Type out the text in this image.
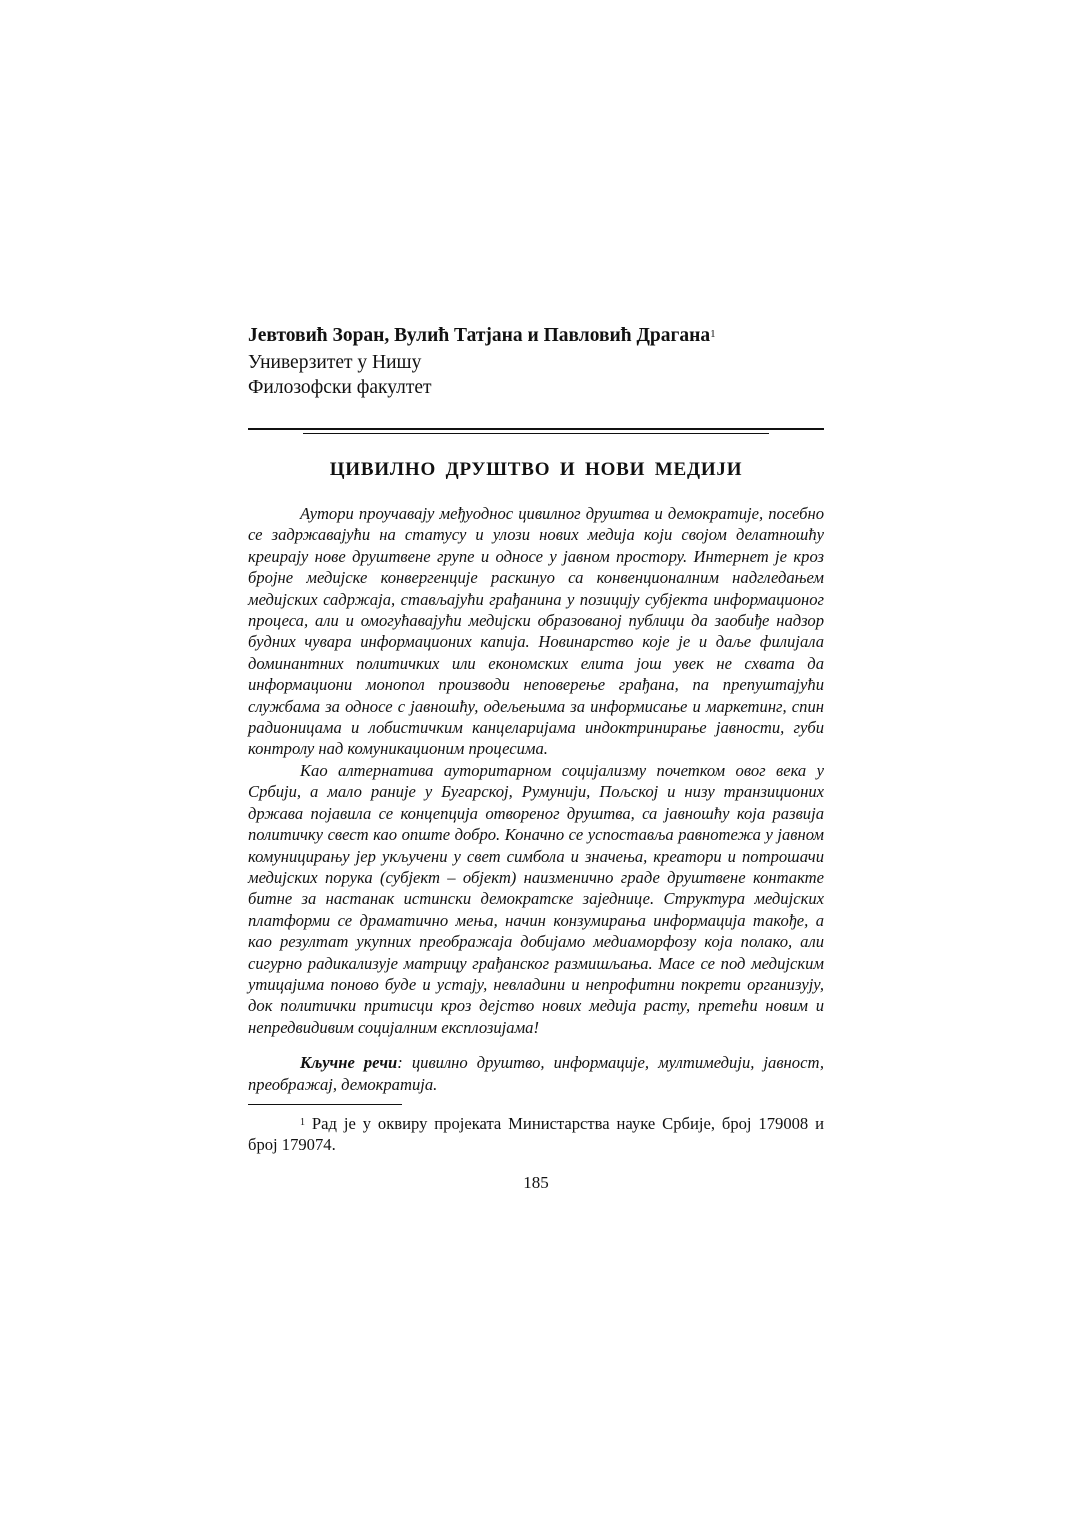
Јевтовић Зоран, Вулић Татјана и Павловић Драгана$^1$
Универзитет у Нишу
Филозофски факултет
ЦИВИЛНО ДРУШТВО И НОВИ МЕДИЈИ

Аутори проучавају међуоднос цивилног друштва и демократије, посебно се задржавајући на статусу и улози нових медија који својом делатношћу креирају нове друштвене групе и односе у јавном простору. Интернет је кроз бројне медијске конвергенције раскинуо са конвенционалним надгледањем медијских садржаја, стављајући грађанина у позицију субјекта информационог процеса, али и омогућавајући медијски образованој публици да заобиђе надзор будних чувара информационих капија. Новинарство које је и даље филијала доминантних политичких или економских елита још увек не схвата да информациони монопол производи неповерење грађана, па препуштајући службама за односе с јавношћу, одељењима за информисање и маркетинг, спин радионицама и лобистичким канцеларијама индоктринирање јавности, губи контролу над комуникационим процесима.

Као алтернатива ауторитарном социјализму почетком овог века у Србији, а мало раније у Бугарској, Румунији, Пољској и низу транзиционих држава појавила се концепција отвореног друштва, са јавношћу која развија политичку свест као опште добро. Коначно се успоставља равнотежа у јавном комуницирању јер укључени у свет симбола и значења, креатори и потрошачи медијских порука (субјект – објект) наизменично граде друштвене контакте битне за настанак истински демократске заједнице. Структура медијских платформи се драматично мења, начин конзумирања информација такође, а као резултат укупних преображаја добијамо медиаморфозу која полако, али сигурно радикализује матрицу грађанског размишљања. Масе се под медијским утицајима поново буде и устају, невладини и непрофитни покрети организују, док политички притисци кроз дејство нових медија расту, претећи новим и непредвидивим социјалним експлозијама!

Кључне речи: цивилно друштво, информације, мултимедији, јавност, преображај, демократија.
$^1$ Рад је у оквиру пројеката Министарства науке Србије, број 179008 и број 179074.
185
